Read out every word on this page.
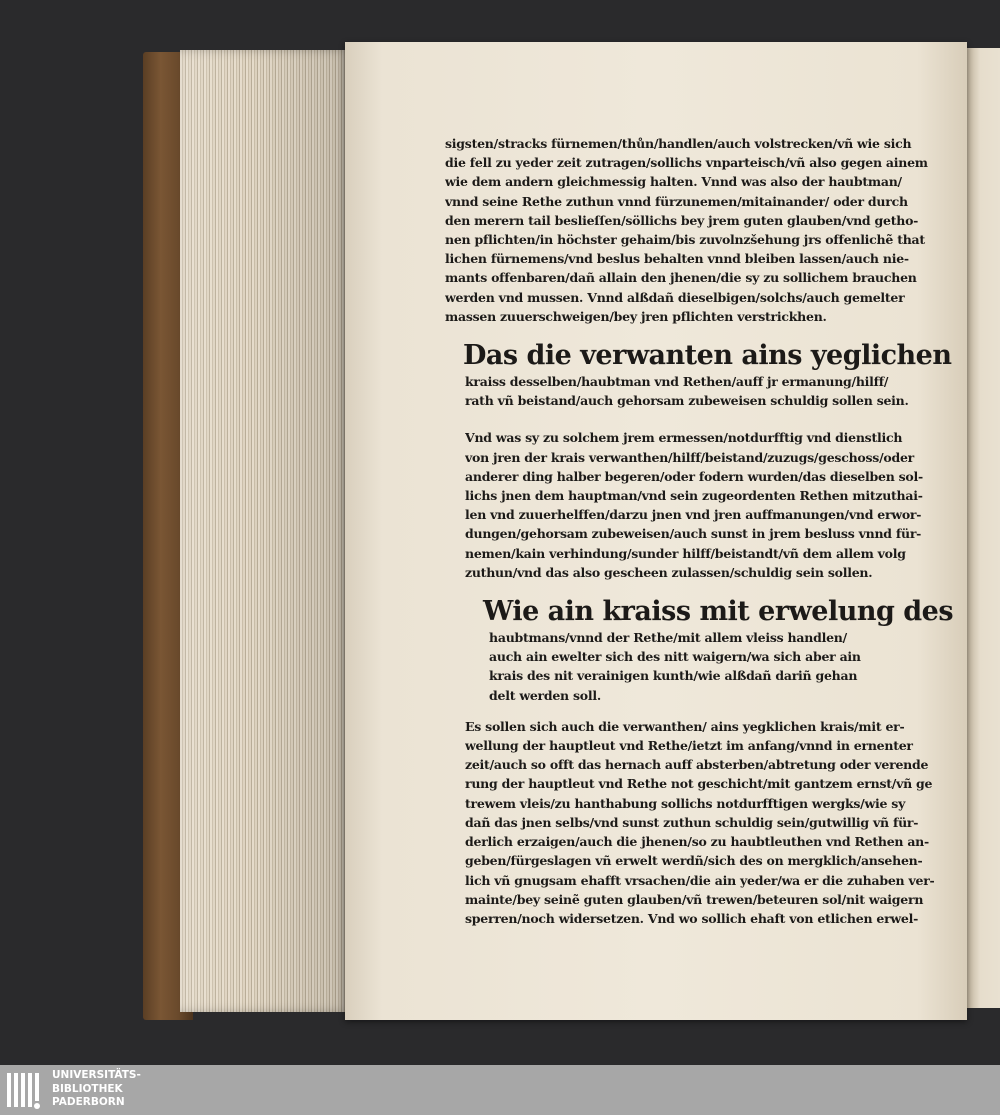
sigsten/stracks fürnemen/thůn/handlen/auch volstrecken/vñ wie sich
die fell zu yeder zeit zutragen/sollichs vnparteisch/vñ also gegen ainem
wie dem andern gleichmessig halten. Vnnd was also der haubtman/
vnnd seine Rethe zuthun vnnd fürzunemen/mitainander/ oder durch
den merern tail beslieſſen/söllichs bey jrem guten glauben/vnd getho-
nen pflichten/in höchster gehaim/bis zuvolnzšehung jrs offenlichẽ that
lichen fürnemens/vnd beslus behalten vnnd bleiben lassen/auch nie-
mants offenbaren/dañ allain den jhenen/die sy zu sollichem brauchen
werden vnd mussen. Vnnd alßdañ dieselbigen/solchs/auch gemelter
massen zuuerschweigen/bey jren pflichten verstrickhen.
Das die verwanten ains yeglichen
kraiss desselben/haubtman vnd Rethen/auff jr ermanung/hilff/
rath vñ beistand/auch gehorsam zubeweisen schuldig sollen sein.
Vnd was sy zu solchem jrem ermessen/notdurfftig vnd dienstlich
von jren der krais verwanthen/hilff/beistand/zuzugs/geschoss/oder
anderer ding halber begeren/oder fodern wurden/das dieselben sol-
lichs jnen dem hauptman/vnd sein zugeordenten Rethen mitzuthai-
len vnd zuuerhelffen/darzu jnen vnd jren auffmanungen/vnd erwor-
dungen/gehorsam zubeweisen/auch sunst in jrem besluss vnnd für-
nemen/kain verhindung/sunder hilff/beistandt/vñ dem allem volg
zuthun/vnd das also gescheen zulassen/schuldig sein sollen.
Wie ain kraiss mit erwelung des
haubtmans/vnnd der Rethe/mit allem vleiss handlen/
auch ain ewelter sich des nitt waigern/wa sich aber ain
krais des nit verainigen kunth/wie alßdañ dariñ gehan
delt werden soll.
Es sollen sich auch die verwanthen/ ains yegklichen krais/mit er-
wellung der hauptleut vnd Rethe/ietzt im anfang/vnnd in ernenter
zeit/auch so offt das hernach auff absterben/abtretung oder verende
rung der hauptleut vnd Rethe not geschicht/mit gantzem ernst/vñ ge
trewem vleis/zu hanthabung sollichs notdurfftigen wergks/wie sy
dañ das jnen selbs/vnd sunst zuthun schuldig sein/gutwillig vñ für-
derlich erzaigen/auch die jhenen/so zu haubtleuthen vnd Rethen an-
geben/fürgeslagen vñ erwelt werdñ/sich des on mergklich/ansehen-
lich vñ gnugsam ehafft vrsachen/die ain yeder/wa er die zuhaben ver-
mainte/bey seinẽ guten glauben/vñ trewen/beteuren sol/nit waigern
sperren/noch widersetzen. Vnd wo sollich ehaft von etlichen erwel-
UNIVERSITÄTS-
BIBLIOTHEK
PADERBORN
